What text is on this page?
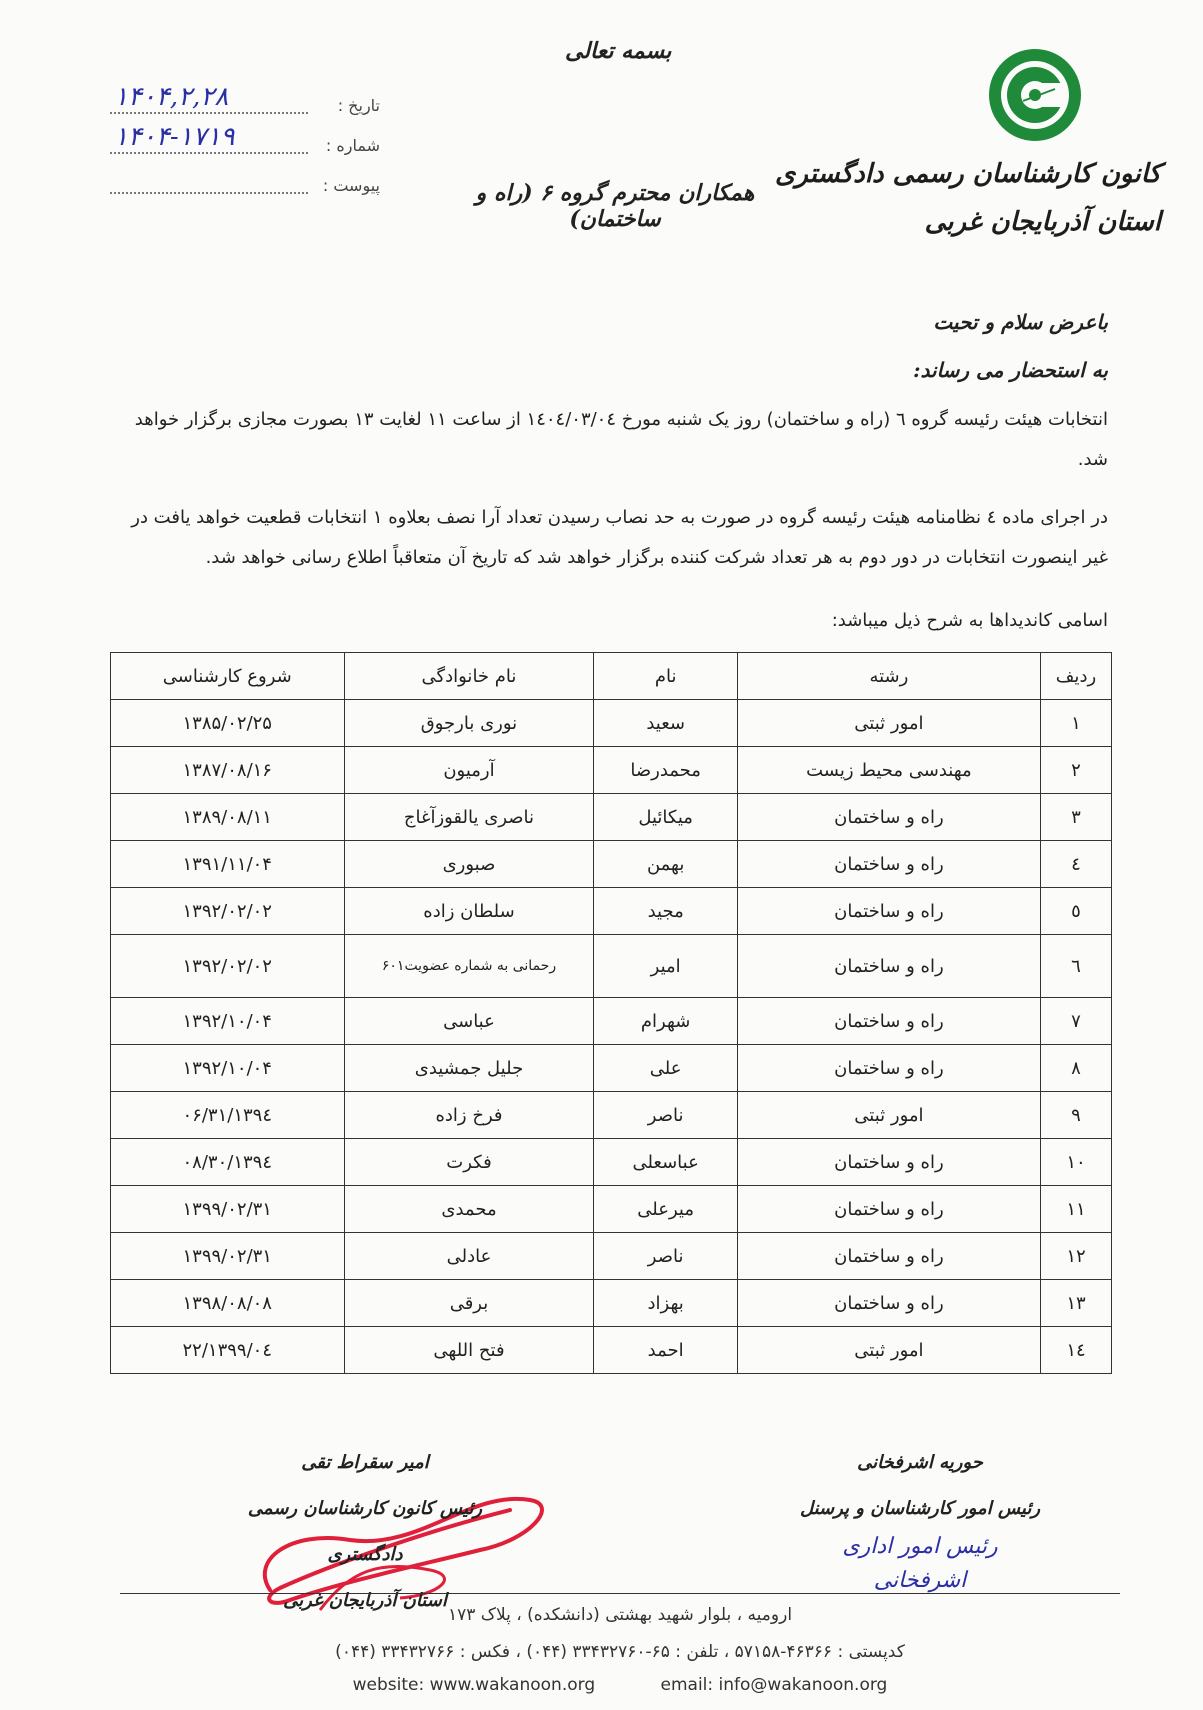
بسمه تعالی
کانون کارشناسان رسمی دادگستری
استان آذربایجان غربی
تاریخ :
۱۴۰۴,۲,۲۸
شماره :
۱۴۰۴-۱۷۱۹
پیوست :	همکاران محترم گروه ۶ (راه و ساختمان)
باعرض سلام و تحیت
به استحضار می رساند:

انتخابات هیئت رئیسه گروه ٦ (راه و ساختمان) روز یک شنبه مورخ ۱٤٠٤/٠٣/٠٤ از ساعت ۱۱ لغایت ۱۳ بصورت مجازی برگزار خواهد شد.

در اجرای ماده ٤ نظامنامه هیئت رئیسه گروه در صورت به حد نصاب رسیدن تعداد آرا نصف بعلاوه ۱ انتخابات قطعیت خواهد یافت در غیر اینصورت انتخابات در دور دوم به هر تعداد شرکت کننده برگزار خواهد شد که تاریخ آن متعاقباً اطلاع رسانی خواهد شد.

اسامی کاندیداها به شرح ذیل میباشد:
ردیف	رشته	نام	نام خانوادگی	شروع کارشناسی
۱	امور ثبتی	سعید	نوری بارجوق	۱۳۸۵/۰۲/۲۵
۲	مهندسی محیط زیست	محمدرضا	آرمیون	۱۳۸۷/۰۸/۱۶
۳	راه و ساختمان	میکائیل	ناصری یالقوزآغاج	۱۳۸۹/۰۸/۱۱
٤	راه و ساختمان	بهمن	صبوری	۱۳۹۱/۱۱/۰۴
٥	راه و ساختمان	مجید	سلطان زاده	۱۳۹۲/۰۲/۰۲
٦	راه و ساختمان	امیر	رحمانی به شماره عضویت۶۰۱	۱۳۹۲/۰۲/۰۲
۷	راه و ساختمان	شهرام	عباسی	۱۳۹۲/۱۰/۰۴
۸	راه و ساختمان	علی	جلیل جمشیدی	۱۳۹۲/۱۰/۰۴
۹	امور ثبتی	ناصر	فرخ زاده	۱۳۹٤/۰۶/۳۱
۱۰	راه و ساختمان	عباسعلی	فکرت	۱۳۹٤/۰۸/۳۰
۱۱	راه و ساختمان	میرعلی	محمدی	۱۳۹۹/۰۲/۳۱
۱۲	راه و ساختمان	ناصر	عادلی	۱۳۹۹/۰۲/۳۱
۱۳	راه و ساختمان	بهزاد	برقی	۱۳۹۸/۰۸/۰۸
۱٤	امور ثبتی	احمد	فتح اللهی	۱۳۹۹/۰٤/۲۲
امیر سقراط تقی
رئیس کانون کارشناسان رسمی دادگستری
استان آذربایجان غربی
حوریه اشرفخانی
رئیس امور کارشناسان و پرسنل
رئیس امور اداری
اشرفخانی
ارومیه ، بلوار شهید بهشتی (دانشکده) ، پلاک ۱۷۳
کدپستی : ۴۶۳۶۶-۵۷۱۵۸ ، تلفن : ۶۵-۳۳۴۳۲۷۶۰ (۰۴۴) ، فکس : ۳۳۴۳۲۷۶۶ (۰۴۴)
email: info@wakanoon.org website: www.wakanoon.org
